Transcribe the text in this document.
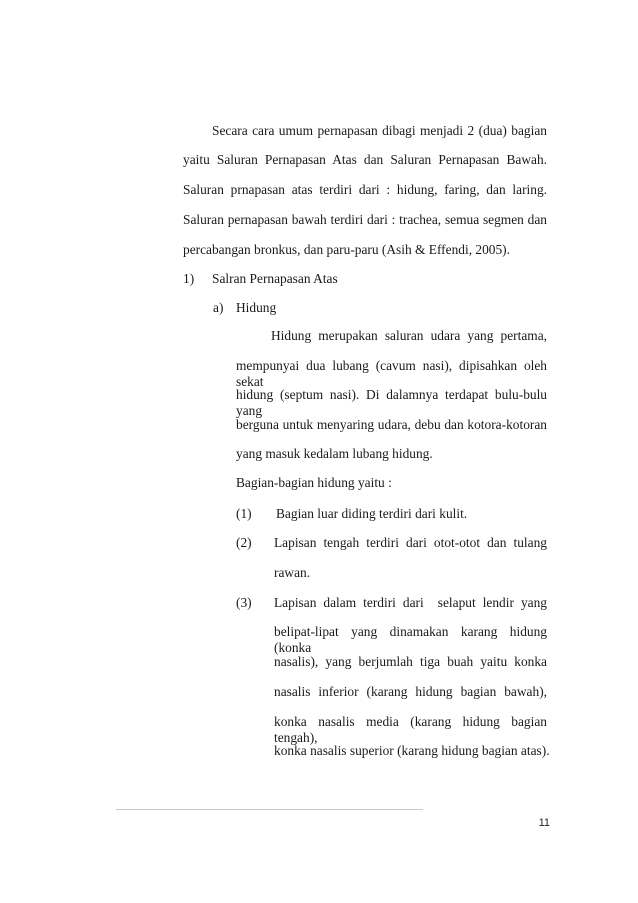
Secara cara umum pernapasan dibagi menjadi 2 (dua) bagian
yaitu Saluran Pernapasan Atas dan Saluran Pernapasan Bawah.
Saluran prnapasan atas terdiri dari : hidung, faring, dan laring.
Saluran pernapasan bawah terdiri dari : trachea, semua segmen dan
percabangan bronkus, dan paru-paru (Asih & Effendi, 2005).
1) Salran Pernapasan Atas
a) Hidung
Hidung merupakan saluran udara yang pertama,
mempunyai dua lubang (cavum nasi), dipisahkan oleh sekat
hidung (septum nasi). Di dalamnya terdapat bulu-bulu yang
berguna untuk menyaring udara, debu dan kotora-kotoran
yang masuk kedalam lubang hidung.
Bagian-bagian hidung yaitu :
(1) Bagian luar diding terdiri dari kulit.
(2) Lapisan tengah terdiri dari otot-otot dan tulang
rawan.
(3) Lapisan dalam terdiri dari  selaput lendir yang
belipat-lipat yang dinamakan karang hidung (konka
nasalis), yang berjumlah tiga buah yaitu konka
nasalis inferior (karang hidung bagian bawah),
konka nasalis media (karang hidung bagian tengah),
konka nasalis superior (karang hidung bagian atas).
11
